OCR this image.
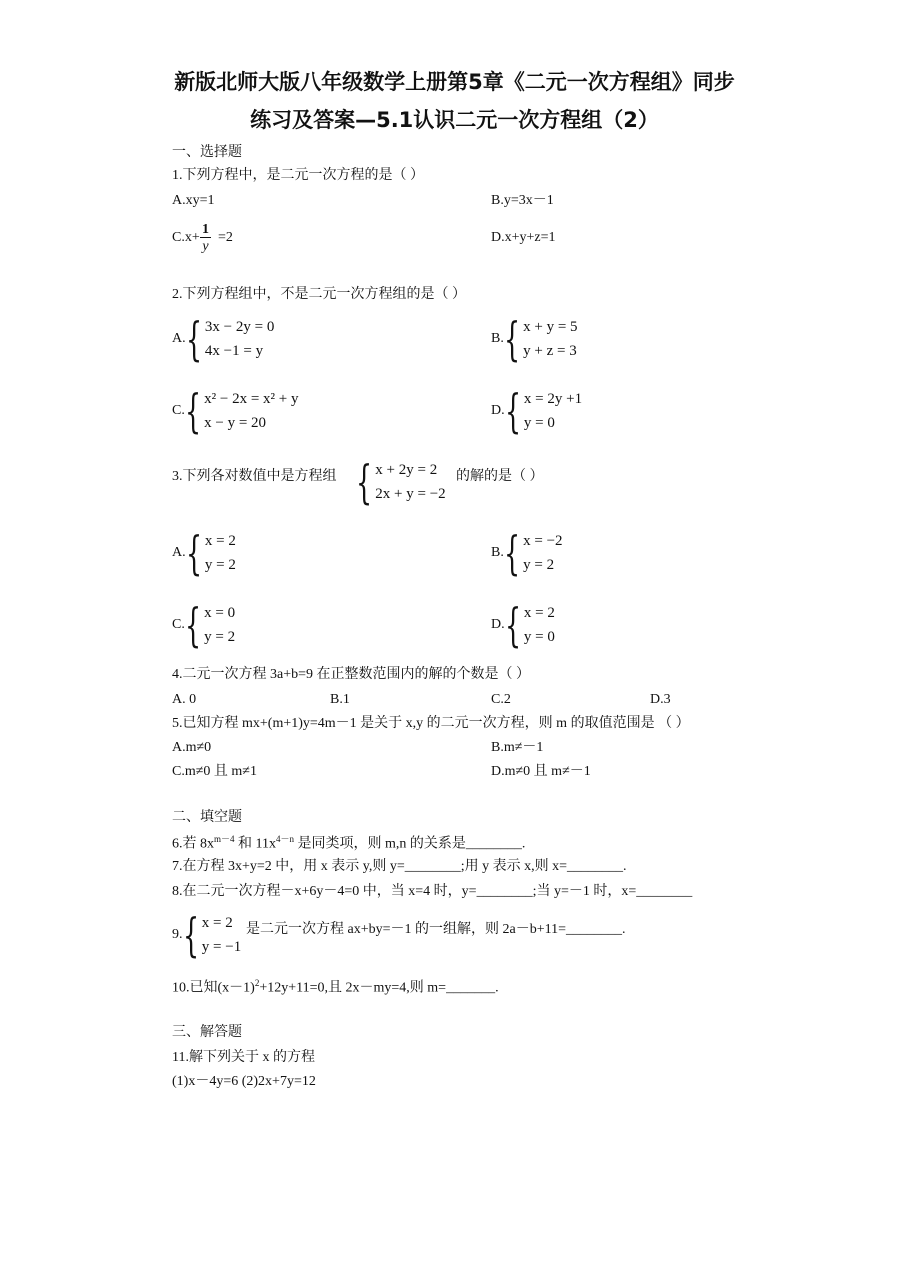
新版北师大版八年级数学上册第5章《二元一次方程组》同步
练习及答案—5.1认识二元一次方程组（2）
一、选择题
1.下列方程中，是二元一次方程的是（ ）
A.xy=1	B.y=3x－1
$C.x+ \frac{1}{y} =2$	D.x+y+z=1
2.下列方程组中，不是二元一次方程组的是（ ）
A. { 3x − 2y = 0
4x −1 = y
B. { x + y = 5
y + z = 3
C. { x² − 2x = x² + y
x − y = 20
D. { x = 2y +1
y = 0
3.下列各对数值中是方程组 { x + 2y = 2
2x + y = −2
的解的是（ ）
A. { x = 2
y = 2
B. { x = −2
y = 2
C. { x = 0
y = 2
D. { x = 2
y = 0
4.二元一次方程 3a+b=9 在正整数范围内的解的个数是（ ）
A. 0	B.1	C.2	D.3
5.已知方程 mx+(m+1)y=4m－1 是关于 x,y 的二元一次方程，则 m 的取值范围是 （ ）
A.m≠0	B.m≠－1
C.m≠0 且 m≠1	D.m≠0 且 m≠－1
二、填空题
6.若 $8x^{m-4}$ 和 $11x^{4-n}$ 是同类项，则 m,n 的关系是________.
7.在方程 3x+y=2 中，用 x 表示 y,则 y=________;用 y 表示 x,则 x=________.
8.在二元一次方程－x+6y－4=0 中，当 x=4 时，y=________;当 y=－1 时，x=________
9. { x = 2
y = −1
是二元一次方程 ax+by=－1 的一组解，则 2a－b+11=________.
10.已知$(x-1)^2+12y+11=0$,且 2x－my=4,则 m=_______.
三、解答题
11.解下列关于 x 的方程
(1)x－4y=6 (2)2x+7y=12
